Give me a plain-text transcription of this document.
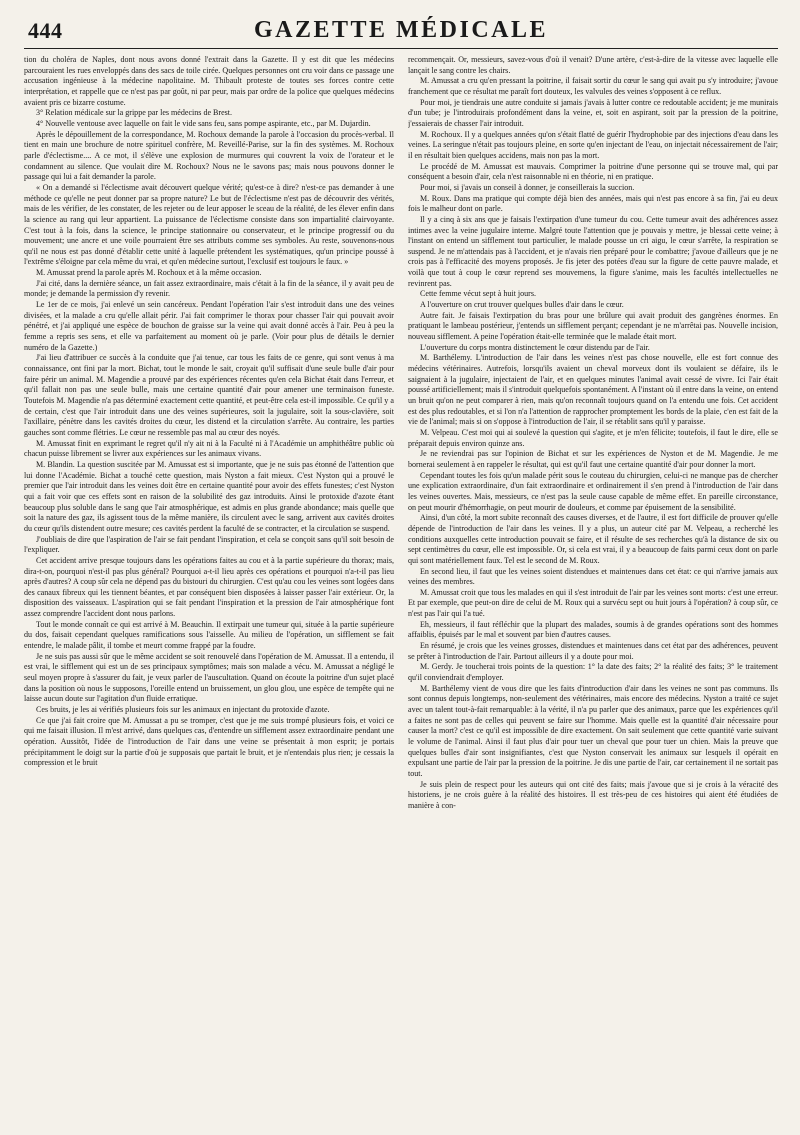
444	GAZETTE MÉDICALE

tion du choléra de Naples, dont nous avons donné l'extrait dans la Gazette. Il y est dit que les médecins parcouraient les rues enveloppés dans des sacs de toile cirée. Quelques personnes ont cru voir dans ce passage une accusation ingénieuse à la médecine napolitaine. M. Thibault proteste de toutes ses forces contre cette interprétation, et rappelle que ce n'est pas par goût, ni par peur, mais par ordre de la police que quelques médecins avaient pris ce bizarre costume.

3° Relation médicale sur la grippe par les médecins de Brest.

4° Nouvelle ventouse avec laquelle on fait le vide sans feu, sans pompe aspirante, etc., par M. Dujardin.

Après le dépouillement de la correspondance, M. Rochoux demande la parole à l'occasion du procès-verbal. Il tient en main une brochure de notre spirituel confrère, M. Reveillé-Parise, sur la fin des systèmes. M. Rochoux parle d'éclectisme.... A ce mot, il s'élève une explosion de murmures qui couvrent la voix de l'orateur et le condamnent au silence. Que voulait dire M. Rochoux? Nous ne le savons pas; mais nous pouvons donner le passage qui lui a fait demander la parole.

« On a demandé si l'éclectisme avait découvert quelque vérité; qu'est-ce à dire? n'est-ce pas demander à une méthode ce qu'elle ne peut donner par sa propre nature? Le but de l'éclectisme n'est pas de découvrir des vérités, mais de les vérifier, de les constater, de les rejeter ou de leur apposer le sceau de la réalité, de les élever enfin dans la science au rang qui leur appartient. La puissance de l'éclectisme consiste dans son impartialité clairvoyante. C'est tout à la fois, dans la science, le principe stationnaire ou conservateur, et le principe progressif ou du mouvement; une ancre et une voile pourraient être ses attributs comme ses symboles. Au reste, souvenons-nous qu'il ne nous est pas donné d'établir cette unité à laquelle prétendent les systématiques, qu'un principe poussé à l'extrême s'éloigne par cela même du vrai, et qu'en médecine surtout, l'exclusif est toujours le faux. »

M. Amussat prend la parole après M. Rochoux et à la même occasion.

J'ai cité, dans la dernière séance, un fait assez extraordinaire, mais c'était à la fin de la séance, il y avait peu de monde; je demande la permission d'y revenir.

Le 1er de ce mois, j'ai enlevé un sein cancéreux. Pendant l'opération l'air s'est introduit dans une des veines divisées, et la malade a cru qu'elle allait périr. J'ai fait comprimer le thorax pour chasser l'air qui pouvait avoir pénétré, et j'ai appliqué une espèce de bouchon de graisse sur la veine qui avait donné accès à l'air. Peu à peu la femme a repris ses sens, et elle va parfaitement au moment où je parle. (Voir pour plus de détails le dernier numéro de la Gazette.)

J'ai lieu d'attribuer ce succès à la conduite que j'ai tenue, car tous les faits de ce genre, qui sont venus à ma connaissance, ont fini par la mort. Bichat, tout le monde le sait, croyait qu'il suffisait d'une seule bulle d'air pour faire périr un animal. M. Magendie a prouvé par des expériences récentes qu'en cela Bichat était dans l'erreur, et qu'il fallait non pas une seule bulle, mais une certaine quantité d'air pour amener une terminaison funeste. Toutefois M. Magendie n'a pas déterminé exactement cette quantité, et peut-être cela est-il impossible. Ce qu'il y a de certain, c'est que l'air introduit dans une des veines supérieures, soit la jugulaire, soit la sous-clavière, soit l'axillaire, pénètre dans les cavités droites du cœur, les distend et la circulation s'arrête. Au contraire, les parties gauches sont comme flétries. Le cœur ne ressemble pas mal au cœur des noyés.

M. Amussat finit en exprimant le regret qu'il n'y ait ni à la Faculté ni à l'Académie un amphithéâtre public où chacun puisse librement se livrer aux expériences sur les animaux vivans.

M. Blandin. La question suscitée par M. Amussat est si importante, que je ne suis pas étonné de l'attention que lui donne l'Académie. Bichat a touché cette question, mais Nyston a fait mieux. C'est Nyston qui a prouvé le premier que l'air introduit dans les veines doit être en certaine quantité pour avoir des effets funestes; c'est Nyston qui a fait voir que ces effets sont en raison de la solubilité des gaz introduits. Ainsi le protoxide d'azote étant beaucoup plus soluble dans le sang que l'air atmosphérique, est admis en plus grande abondance; mais quelle que soit la nature des gaz, ils agissent tous de la même manière, ils circulent avec le sang, arrivent aux cavités droites du cœur qu'ils distendent outre mesure; ces cavités perdent la faculté de se contracter, et la circulation se suspend.

J'oubliais de dire que l'aspiration de l'air se fait pendant l'inspiration, et cela se conçoit sans qu'il soit besoin de l'expliquer.

Cet accident arrive presque toujours dans les opérations faites au cou et à la partie supérieure du thorax; mais, dira-t-on, pourquoi n'est-il pas plus général? Pourquoi a-t-il lieu après ces opérations et pourquoi n'a-t-il pas lieu après d'autres? A coup sûr cela ne dépend pas du bistouri du chirurgien. C'est qu'au cou les veines sont logées dans des canaux fibreux qui les tiennent béantes, et par conséquent bien disposées à laisser passer l'air extérieur. Or, la disposition des vaisseaux. L'aspiration qui se fait pendant l'inspiration et la pression de l'air atmosphérique font assez comprendre l'accident dont nous parlons.

Tout le monde connaît ce qui est arrivé à M. Beauchin. Il extirpait une tumeur qui, située à la partie supérieure du dos, faisait cependant quelques ramifications sous l'aisselle. Au milieu de l'opération, un sifflement se fait entendre, le malade pâlit, il tombe et meurt comme frappé par la foudre.

Je ne suis pas aussi sûr que le même accident se soit renouvelé dans l'opération de M. Amussat. Il a entendu, il est vrai, le sifflement qui est un de ses principaux symptômes; mais son malade a vécu. M. Amussat a négligé le seul moyen propre à s'assurer du fait, je veux parler de l'auscultation. Quand on écoute la poitrine d'un sujet placé dans la position où nous le supposons, l'oreille entend un bruissement, un glou glou, une espèce de tempête qui ne laisse aucun doute sur l'agitation d'un fluide erratique.

Ces bruits, je les ai vérifiés plusieurs fois sur les animaux en injectant du protoxide d'azote.

Ce que j'ai fait croire que M. Amussat a pu se tromper, c'est que je me suis trompé plusieurs fois, et voici ce qui me faisait illusion. Il m'est arrivé, dans quelques cas, d'entendre un sifflement assez extraordinaire pendant une opération. Aussitôt, l'idée de l'introduction de l'air dans une veine se présentait à mon esprit; je portais précipitamment le doigt sur la partie d'où je supposais que partait le bruit, et je n'entendais plus rien; je cessais la compression et le bruit

recommençait. Or, messieurs, savez-vous d'où il venait? D'une artère, c'est-à-dire de la vitesse avec laquelle elle lançait le sang contre les chairs.

M. Amussat a cru qu'en pressant la poitrine, il faisait sortir du cœur le sang qui avait pu s'y introduire; j'avoue franchement que ce résultat me paraît fort douteux, les valvules des veines s'opposent à ce reflux.

Pour moi, je tiendrais une autre conduite si jamais j'avais à lutter contre ce redoutable accident; je me munirais d'un tube; je l'introduirais profondément dans la veine, et, soit en aspirant, soit par la pression de la poitrine, j'essaierais de chasser l'air introduit.

M. Rochoux. Il y a quelques années qu'on s'était flatté de guérir l'hydrophobie par des injections d'eau dans les veines. La seringue n'était pas toujours pleine, en sorte qu'en injectant de l'eau, on injectait nécessairement de l'air; il en résultait bien quelques accidens, mais non pas la mort.

Le procédé de M. Amussat est mauvais. Comprimer la poitrine d'une personne qui se trouve mal, qui par conséquent a besoin d'air, cela n'est raisonnable ni en théorie, ni en pratique.

Pour moi, si j'avais un conseil à donner, je conseillerais la succion.

M. Roux. Dans ma pratique qui compte déjà bien des années, mais qui n'est pas encore à sa fin, j'ai eu deux fois le malheur dont on parle.

Il y a cinq à six ans que je faisais l'extirpation d'une tumeur du cou. Cette tumeur avait des adhérences assez intimes avec la veine jugulaire interne. Malgré toute l'attention que je pouvais y mettre, je blessai cette veine; à l'instant on entend un sifflement tout particulier, le malade pousse un cri aigu, le cœur s'arrête, la respiration se suspend. Je ne m'attendais pas à l'accident, et je n'avais rien préparé pour le combattre; j'avoue d'ailleurs que je ne crois pas à l'efficacité des moyens proposés. Je fis jeter des potées d'eau sur la figure de cette pauvre malade, et voilà que tout à coup le cœur reprend ses mouvemens, la figure s'anime, mais les facultés intellectuelles ne revinrent pas.

Cette femme vécut sept à huit jours.

A l'ouverture on crut trouver quelques bulles d'air dans le cœur.

Autre fait. Je faisais l'extirpation du bras pour une brûlure qui avait produit des gangrènes énormes. En pratiquant le lambeau postérieur, j'entends un sifflement perçant; cependant je ne m'arrêtai pas. Nouvelle incision, nouveau sifflement. A peine l'opération était-elle terminée que le malade était mort.

L'ouverture du corps montra distinctement le cœur distendu par de l'air.

M. Barthélemy. L'introduction de l'air dans les veines n'est pas chose nouvelle, elle est fort connue des médecins vétérinaires. Autrefois, lorsqu'ils avaient un cheval morveux dont ils voulaient se défaire, ils le saignaient à la jugulaire, injectaient de l'air, et en quelques minutes l'animal avait cessé de vivre. Ici l'air était poussé artificiellement; mais il s'introduit quelquefois spontanément. A l'instant où il entre dans la veine, on entend un bruit qu'on ne peut comparer à rien, mais qu'on reconnaît toujours quand on l'a entendu une fois. Cet accident est des plus redoutables, et si l'on n'a l'attention de rapprocher promptement les bords de la plaie, c'en est fait de la vie de l'animal; mais si on s'oppose à l'introduction de l'air, il se rétablit sans qu'il y paraisse.

M. Velpeau. C'est moi qui ai soulevé la question qui s'agite, et je m'en félicite; toutefois, il faut le dire, elle se préparait depuis environ quinze ans.

Je ne reviendrai pas sur l'opinion de Bichat et sur les expériences de Nyston et de M. Magendie. Je me bornerai seulement à en rappeler le résultat, qui est qu'il faut une certaine quantité d'air pour donner la mort.

Cependant toutes les fois qu'un malade périt sous le couteau du chirurgien, celui-ci ne manque pas de chercher une explication extraordinaire, d'un fait extraordinaire et ordinairement il s'en prend à l'introduction de l'air dans les veines ouvertes. Mais, messieurs, ce n'est pas la seule cause capable de même effet. En pareille circonstance, on peut mourir d'hémorrhagie, on peut mourir de douleurs, et comme par épuisement de la sensibilité.

Ainsi, d'un côté, la mort subite reconnaît des causes diverses, et de l'autre, il est fort difficile de prouver qu'elle dépende de l'introduction de l'air dans les veines. Il y a plus, un auteur cité par M. Velpeau, a recherché les conditions auxquelles cette introduction pouvait se faire, et il résulte de ses recherches qu'à la distance de six ou sept centimètres du cœur, elle est impossible. Or, si cela est vrai, il y a beaucoup de faits parmi ceux dont on parle qui sont matériellement faux. Tel est le second de M. Roux.

En second lieu, il faut que les veines soient distendues et maintenues dans cet état: ce qui n'arrive jamais aux veines des membres.

M. Amussat croit que tous les malades en qui il s'est introduit de l'air par les veines sont morts: c'est une erreur. Et par exemple, que peut-on dire de celui de M. Roux qui a survécu sept ou huit jours à l'opération? à coup sûr, ce n'est pas l'air qui l'a tué.

Eh, messieurs, il faut réfléchir que la plupart des malades, soumis à de grandes opérations sont des hommes affaiblis, épuisés par le mal et souvent par bien d'autres causes.

En résumé, je crois que les veines grosses, distendues et maintenues dans cet état par des adhérences, peuvent se prêter à l'introduction de l'air. Partout ailleurs il y a doute pour moi.

M. Gerdy. Je toucherai trois points de la question: 1° la date des faits; 2° la réalité des faits; 3° le traitement qu'il conviendrait d'employer.

M. Barthélemy vient de vous dire que les faits d'introduction d'air dans les veines ne sont pas communs. Ils sont connus depuis longtemps, non-seulement des vétérinaires, mais encore des médecins. Nyston a traité ce sujet avec un talent tout-à-fait remarquable: à la vérité, il n'a pu parler que des animaux, parce que les expériences qu'il a faites ne sont pas de celles qui peuvent se faire sur l'homme. Mais quelle est la quantité d'air nécessaire pour causer la mort? c'est ce qu'il est impossible de dire exactement. On sait seulement que cette quantité varie suivant le volume de l'animal. Ainsi il faut plus d'air pour tuer un cheval que pour tuer un chien. Mais la preuve que quelques bulles d'air sont insignifiantes, c'est que Nyston conservait les animaux sur lesquels il opérait en expulsant une partie de l'air par la pression de la poitrine. Je dis une partie de l'air, car certainement il ne sortait pas tout.

Je suis plein de respect pour les auteurs qui ont cité des faits; mais j'avoue que si je crois à la véracité des historiens, je ne crois guère à la réalité des histoires. Il est très-peu de ces histoires qui aient été étudiées de manière à con-
